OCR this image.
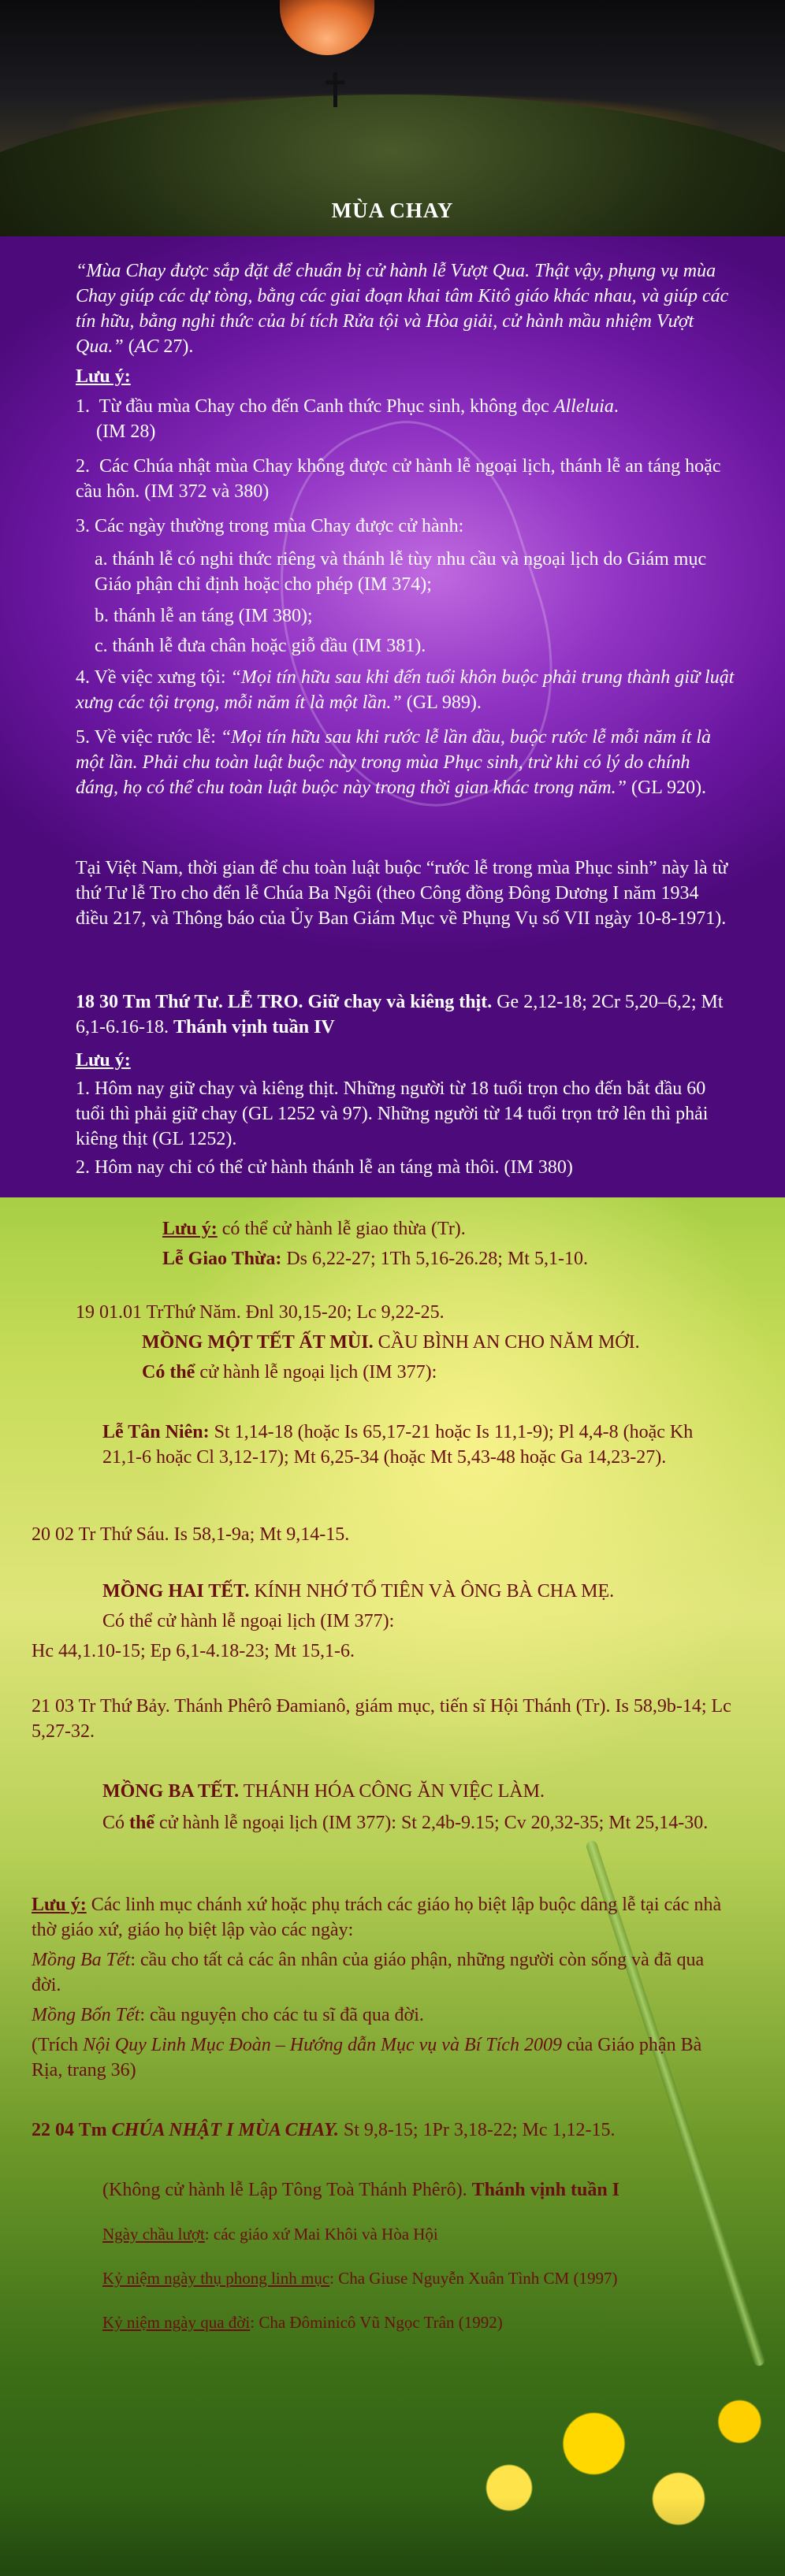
MÙA CHAY

“Mùa Chay được sắp đặt để chuẩn bị cử hành lễ Vượt Qua. Thật vậy, phụng vụ mùa Chay giúp các dự tòng, bằng các giai đoạn khai tâm Kitô giáo khác nhau, và giúp các tín hữu, bằng nghi thức của bí tích Rửa tội và Hòa giải, cử hành mầu nhiệm Vượt Qua.” (AC 27).

Lưu ý:

1. Từ đầu mùa Chay cho đến Canh thức Phục sinh, không đọc Alleluia.
(IM 28)

2. Các Chúa nhật mùa Chay không được cử hành lễ ngoại lịch, thánh lễ an táng hoặc cầu hôn. (IM 372 và 380)

3. Các ngày thường trong mùa Chay được cử hành:

a. thánh lễ có nghi thức riêng và thánh lễ tùy nhu cầu và ngoại lịch do Giám mục Giáo phận chỉ định hoặc cho phép (IM 374);

b. thánh lễ an táng (IM 380);

c. thánh lễ đưa chân hoặc giỗ đầu (IM 381).

4. Về việc xưng tội: “Mọi tín hữu sau khi đến tuổi khôn buộc phải trung thành giữ luật xưng các tội trọng, mỗi năm ít là một lần.” (GL 989).

5. Về việc rước lễ: “Mọi tín hữu sau khi rước lễ lần đầu, buộc rước lễ mỗi năm ít là một lần. Phải chu toàn luật buộc này trong mùa Phục sinh, trừ khi có lý do chính đáng, họ có thể chu toàn luật buộc này trong thời gian khác trong năm.” (GL 920).

Tại Việt Nam, thời gian để chu toàn luật buộc “rước lễ trong mùa Phục sinh” này là từ thứ Tư lễ Tro cho đến lễ Chúa Ba Ngôi (theo Công đồng Đông Dương I năm 1934 điều 217, và Thông báo của Ủy Ban Giám Mục về Phụng Vụ số VII ngày 10-8-1971).

18 30 Tm Thứ Tư. LỄ TRO. Giữ chay và kiêng thịt. Ge 2,12-18; 2Cr 5,20–6,2; Mt 6,1-6.16-18. Thánh vịnh tuần IV

Lưu ý:

1. Hôm nay giữ chay và kiêng thịt. Những người từ 18 tuổi trọn cho đến bắt đầu 60 tuổi thì phải giữ chay (GL 1252 và 97). Những người từ 14 tuổi trọn trở lên thì phải kiêng thịt (GL 1252).

2. Hôm nay chỉ có thể cử hành thánh lễ an táng mà thôi. (IM 380)

Lưu ý: có thể cử hành lễ giao thừa (Tr).

Lễ Giao Thừa: Ds 6,22-27; 1Th 5,16-26.28; Mt 5,1-10.

19 01.01 TrThứ Năm. Đnl 30,15-20; Lc 9,22-25.

MỒNG MỘT TẾT ẤT MÙI. CẦU BÌNH AN CHO NĂM MỚI.

Có thể cử hành lễ ngoại lịch (IM 377):

Lễ Tân Niên: St 1,14-18 (hoặc Is 65,17-21 hoặc Is 11,1-9); Pl 4,4-8 (hoặc Kh 21,1-6 hoặc Cl 3,12-17); Mt 6,25-34 (hoặc Mt 5,43-48 hoặc Ga 14,23-27).

20 02 Tr Thứ Sáu. Is 58,1-9a; Mt 9,14-15.

MỒNG HAI TẾT. KÍNH NHỚ TỔ TIÊN VÀ ÔNG BÀ CHA MẸ.

Có thể cử hành lễ ngoại lịch (IM 377):

Hc 44,1.10-15; Ep 6,1-4.18-23; Mt 15,1-6.

21 03 Tr Thứ Bảy. Thánh Phêrô Đamianô, giám mục, tiến sĩ Hội Thánh (Tr). Is 58,9b-14; Lc 5,27-32.

MỒNG BA TẾT. THÁNH HÓA CÔNG ĂN VIỆC LÀM.

Có thể cử hành lễ ngoại lịch (IM 377): St 2,4b-9.15; Cv 20,32-35; Mt 25,14-30.

Lưu ý: Các linh mục chánh xứ hoặc phụ trách các giáo họ biệt lập buộc dâng lễ tại các nhà thờ giáo xứ, giáo họ biệt lập vào các ngày:

Mồng Ba Tết: cầu cho tất cả các ân nhân của giáo phận, những người còn sống và đã qua đời.

Mồng Bốn Tết: cầu nguyện cho các tu sĩ đã qua đời.

(Trích Nội Quy Linh Mục Đoàn – Hướng dẫn Mục vụ và Bí Tích 2009 của Giáo phận Bà Rịa, trang 36)

22 04 Tm CHÚA NHẬT I MÙA CHAY. St 9,8-15; 1Pr 3,18-22; Mc 1,12-15.

(Không cử hành lễ Lập Tông Toà Thánh Phêrô). Thánh vịnh tuần I

Ngày chầu lượt: các giáo xứ Mai Khôi và Hòa Hội

Kỷ niệm ngày thụ phong linh mục: Cha Giuse Nguyễn Xuân Tình CM (1997)

Kỷ niệm ngày qua đời: Cha Đôminicô Vũ Ngọc Trân (1992)
